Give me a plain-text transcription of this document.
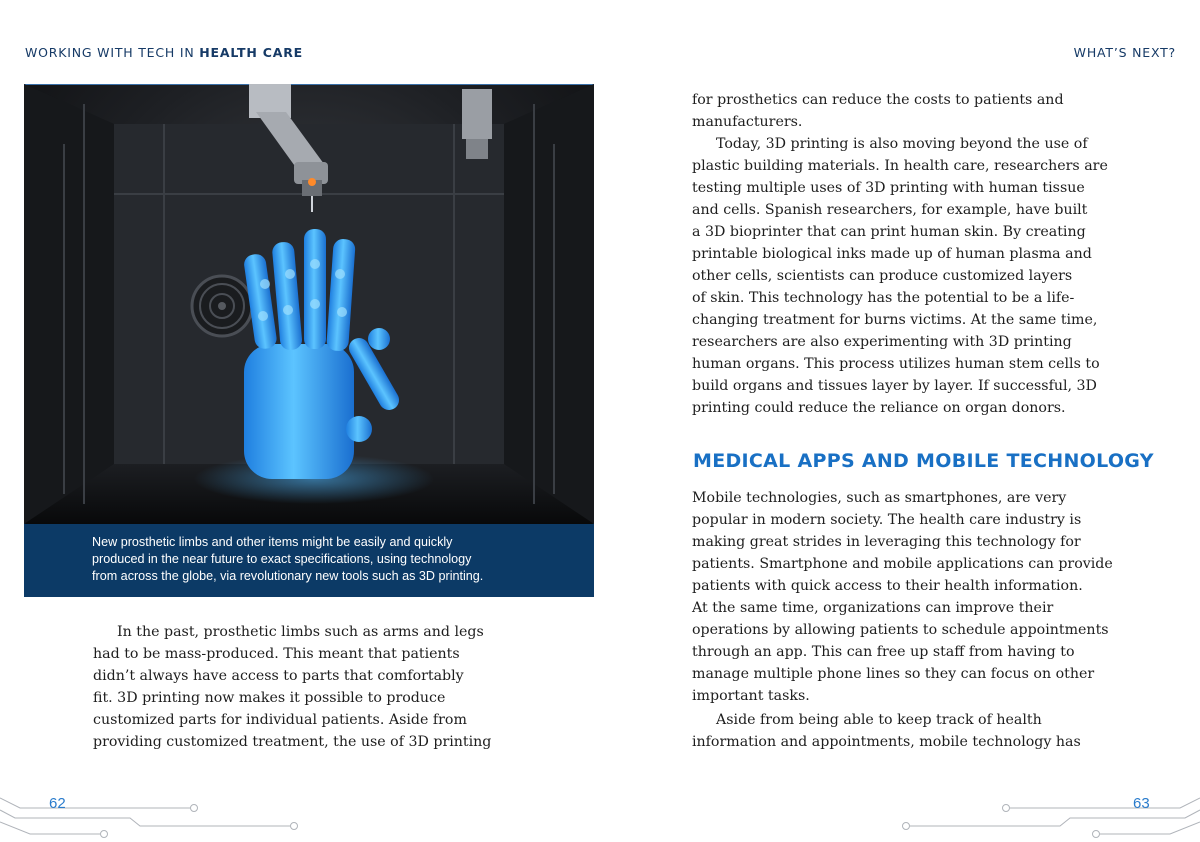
WORKING WITH TECH IN HEALTH CARE

New prosthetic limbs and other items might be easily and quickly
produced in the near future to exact specifications, using technology
from across the globe, via revolutionary new tools such as 3D printing.

In the past, prosthetic limbs such as arms and legs
had to be mass-produced. This meant that patients
didn’t always have access to parts that comfortably
fit. 3D printing now makes it possible to produce
customized parts for individual patients. Aside from
providing customized treatment, the use of 3D printing

62
WHAT’S NEXT?

for prosthetics can reduce the costs to patients and
manufacturers.

Today, 3D printing is also moving beyond the use of
plastic building materials. In health care, researchers are
testing multiple uses of 3D printing with human tissue
and cells. Spanish researchers, for example, have built
a 3D bioprinter that can print human skin. By creating
printable biological inks made up of human plasma and
other cells, scientists can produce customized layers
of skin. This technology has the potential to be a life-
changing treatment for burns victims. At the same time,
researchers are also experimenting with 3D printing
human organs. This process utilizes human stem cells to
build organs and tissues layer by layer. If successful, 3D
printing could reduce the reliance on organ donors.

MEDICAL APPS AND MOBILE TECHNOLOGY

Mobile technologies, such as smartphones, are very
popular in modern society. The health care industry is
making great strides in leveraging this technology for
patients. Smartphone and mobile applications can provide
patients with quick access to their health information.
At the same time, organizations can improve their
operations by allowing patients to schedule appointments
through an app. This can free up staff from having to
manage multiple phone lines so they can focus on other
important tasks.

Aside from being able to keep track of health
information and appointments, mobile technology has

63
